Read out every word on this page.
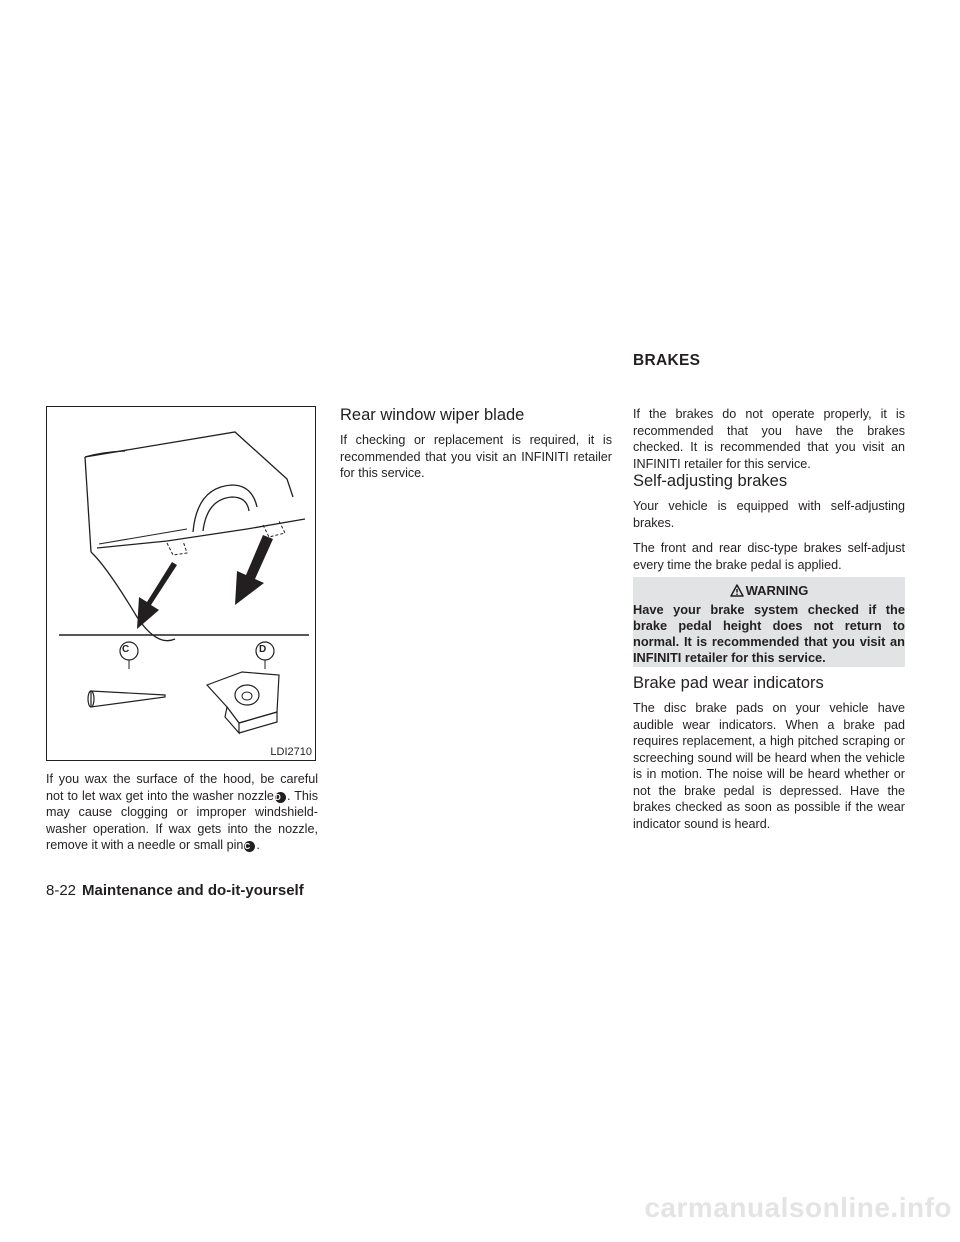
C	D
LDI2710

If you wax the surface of the hood, be careful not to let wax get into the washer nozzleD . This may cause clogging or improper windshield-washer operation. If wax gets into the nozzle, remove it with a needle or small pinC .

Rear window wiper blade

If checking or replacement is required, it is recommended that you visit an INFINITI retailer for this service.

BRAKES

If the brakes do not operate properly, it is recommended that you have the brakes checked. It is recommended that you visit an INFINITI retailer for this service.

Self-adjusting brakes

Your vehicle is equipped with self-adjusting brakes.

The front and rear disc-type brakes self-adjust every time the brake pedal is applied.

WARNING

Have your brake system checked if the brake pedal height does not return to normal. It is recommended that you visit an INFINITI retailer for this service.

Brake pad wear indicators

The disc brake pads on your vehicle have audible wear indicators. When a brake pad requires replacement, a high pitched scraping or screeching sound will be heard when the vehicle is in motion. The noise will be heard whether or not the brake pedal is depressed. Have the brakes checked as soon as possible if the wear indicator sound is heard.

8-22 Maintenance and do-it-yourself
carmanualsonline.info
